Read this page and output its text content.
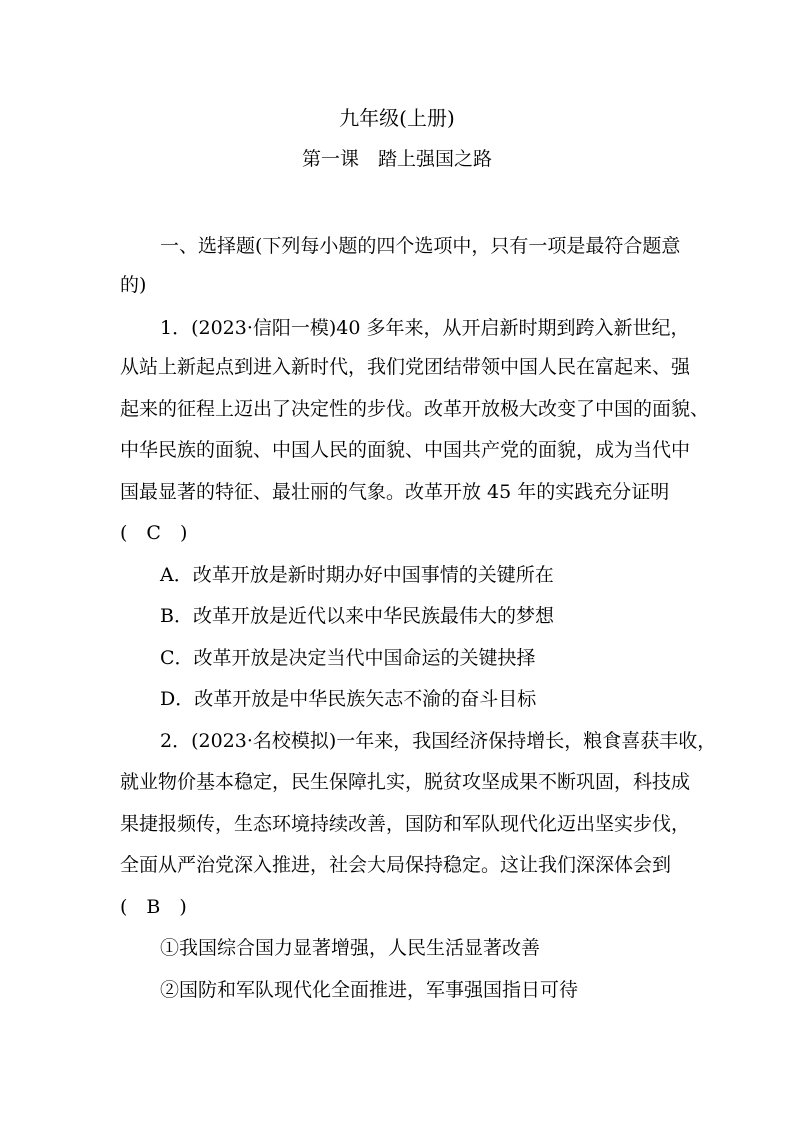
九年级(上册)
第一课　踏上强国之路
一、选择题(下列每小题的四个选项中，只有一项是最符合题意
的)
1．(2023·信阳一模)40 多年来，从开启新时期到跨入新世纪，
从站上新起点到进入新时代，我们党团结带领中国人民在富起来、强
起来的征程上迈出了决定性的步伐。改革开放极大改变了中国的面貌、
中华民族的面貌、中国人民的面貌、中国共产党的面貌，成为当代中
国最显著的特征、最壮丽的气象。改革开放 45 年的实践充分证明
(　C　)
A．改革开放是新时期办好中国事情的关键所在
B．改革开放是近代以来中华民族最伟大的梦想
C．改革开放是决定当代中国命运的关键抉择
D．改革开放是中华民族矢志不渝的奋斗目标
2．(2023·名校模拟)一年来，我国经济保持增长，粮食喜获丰收，
就业物价基本稳定，民生保障扎实，脱贫攻坚成果不断巩固，科技成
果捷报频传，生态环境持续改善，国防和军队现代化迈出坚实步伐，
全面从严治党深入推进，社会大局保持稳定。这让我们深深体会到
(　B　)
①我国综合国力显著增强，人民生活显著改善
②国防和军队现代化全面推进，军事强国指日可待
